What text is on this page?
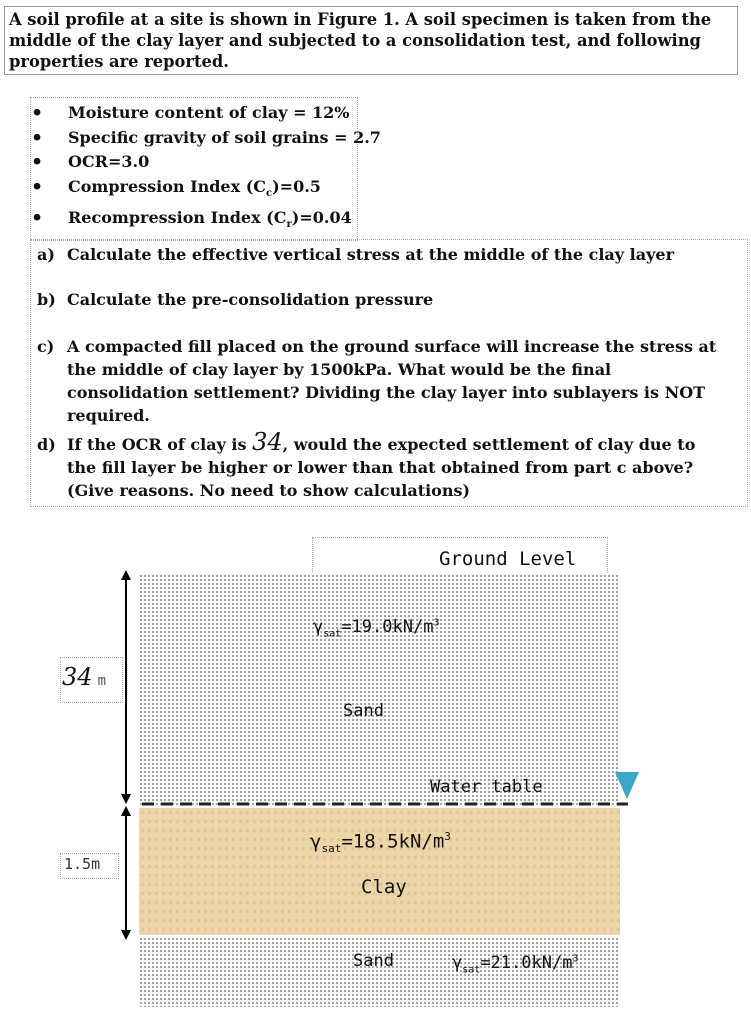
A soil profile at a site is shown in Figure 1. A soil specimen is taken from the middle of the clay layer and subjected to a consolidation test, and following properties are reported.
• Moisture content of clay = 12%
• Specific gravity of soil grains = 2.7
• OCR=3.0
• Compression Index $(C_c)=0.5$
• Recompression Index $(C_r)=0.04$
a) Calculate the effective vertical stress at the middle of the clay layer
b) Calculate the pre-consolidation pressure
c) A compacted fill placed on the ground surface will increase the stress at the middle of clay layer by 1500kPa. What would be the final consolidation settlement? Dividing the clay layer into sublayers is NOT required.
d) If the OCR of clay is 34, would the expected settlement of clay due to the fill layer be higher or lower than that obtained from part c above? (Give reasons. No need to show calculations)
Ground Level
$\gamma_{sat}=19.0kN/m^3$
Sand
Water table
$\gamma_{sat}=18.5kN/m^3$
Clay
Sand	$\gamma_{sat}=21.0kN/m^3$
34 m
1.5m
